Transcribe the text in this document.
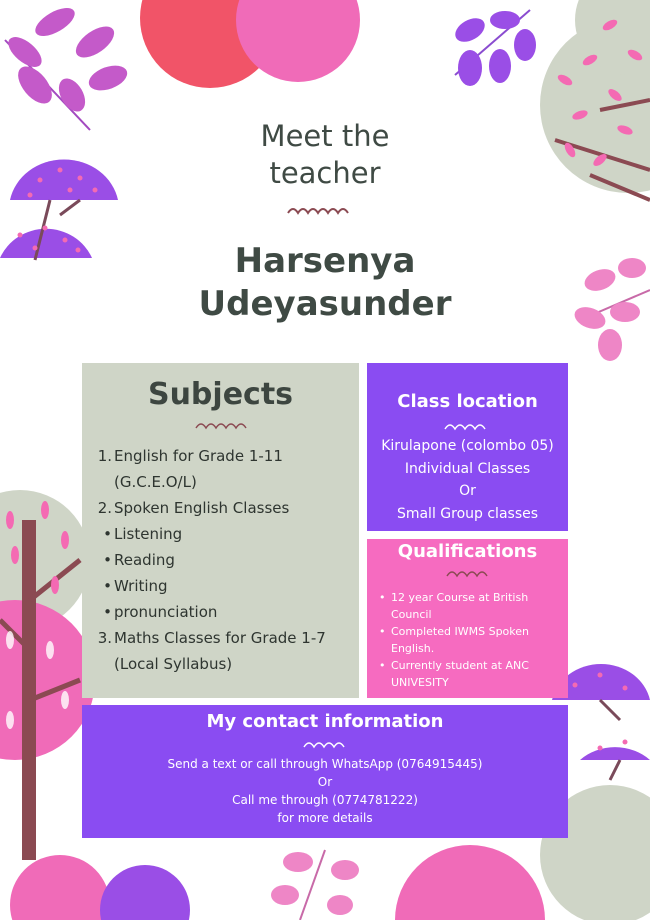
Meet the
teacher
Harsenya
Udeyasunder
Subjects
1. English for Grade 1-11
(G.C.E.O/L)
2. Spoken English Classes
• Listening
• Reading
• Writing
• pronunciation
3. Maths Classes for Grade 1-7
(Local Syllabus)
Class location
Kirulapone (colombo 05)
Individual Classes
Or
Small Group classes
Qualifications
• 12 year Course at British
Council
• Completed IWMS Spoken
English.
• Currently student at ANC
UNIVESITY
My contact information
Send a text or call through WhatsApp (0764915445)
Or
Call me through (0774781222)
for more details
